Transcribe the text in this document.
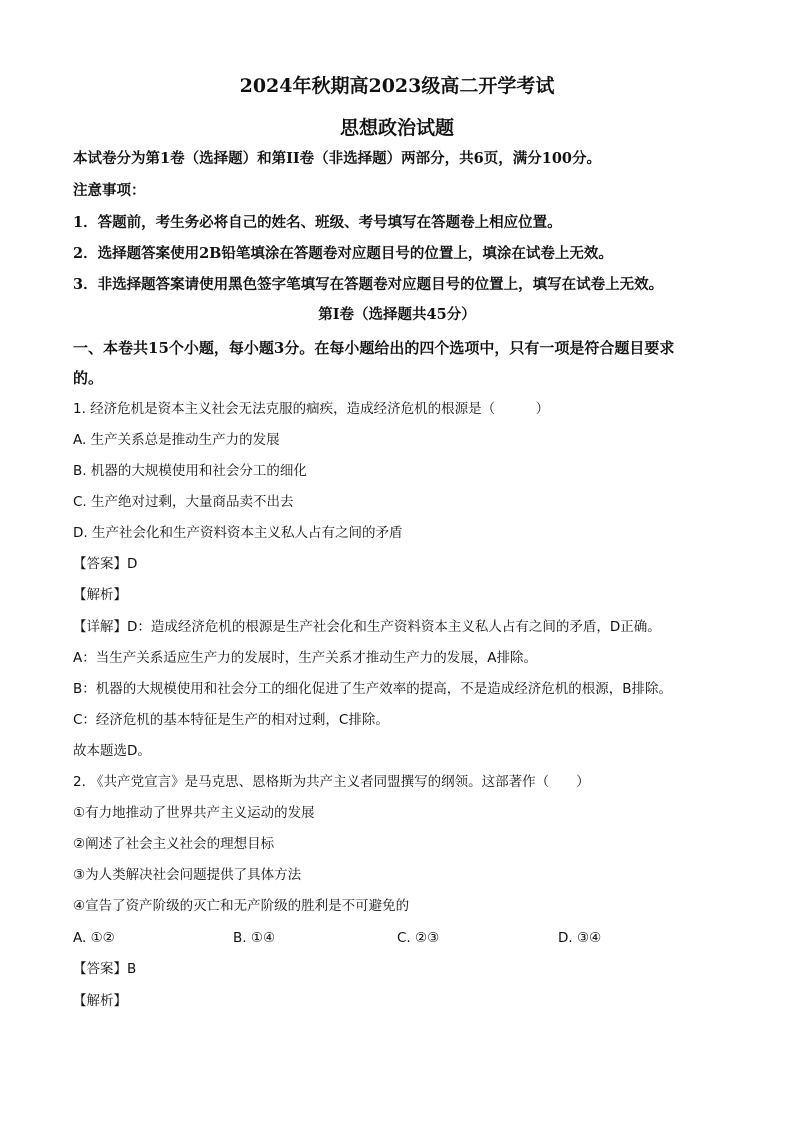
2024年秋期高2023级高二开学考试
思想政治试题
本试卷分为第1卷（选择题）和第II卷（非选择题）两部分，共6页，满分100分。
注意事项：
1．答题前，考生务必将自己的姓名、班级、考号填写在答题卷上相应位置。
2．选择题答案使用2B铅笔填涂在答题卷对应题目号的位置上，填涂在试卷上无效。
3．非选择题答案请使用黑色签字笔填写在答题卷对应题目号的位置上，填写在试卷上无效。
第I卷（选择题共45分）
一、本卷共15个小题，每小题3分。在每小题给出的四个选项中，只有一项是符合题目要求
的。
1. 经济危机是资本主义社会无法克服的痼疾，造成经济危机的根源是（　　　）
A. 生产关系总是推动生产力的发展
B. 机器的大规模使用和社会分工的细化
C. 生产绝对过剩，大量商品卖不出去
D. 生产社会化和生产资料资本主义私人占有之间的矛盾
【答案】D
【解析】
【详解】D：造成经济危机的根源是生产社会化和生产资料资本主义私人占有之间的矛盾，D正确。
A：当生产关系适应生产力的发展时，生产关系才推动生产力的发展，A排除。
B：机器的大规模使用和社会分工的细化促进了生产效率的提高，不是造成经济危机的根源，B排除。
C：经济危机的基本特征是生产的相对过剩，C排除。
故本题选D。
2. 《共产党宣言》是马克思、恩格斯为共产主义者同盟撰写的纲领。这部著作（　　）
①有力地推动了世界共产主义运动的发展
②阐述了社会主义社会的理想目标
③为人类解决社会问题提供了具体方法
④宣告了资产阶级的灭亡和无产阶级的胜利是不可避免的
A. ①②	B. ①④	C. ②③	D. ③④
【答案】B
【解析】
